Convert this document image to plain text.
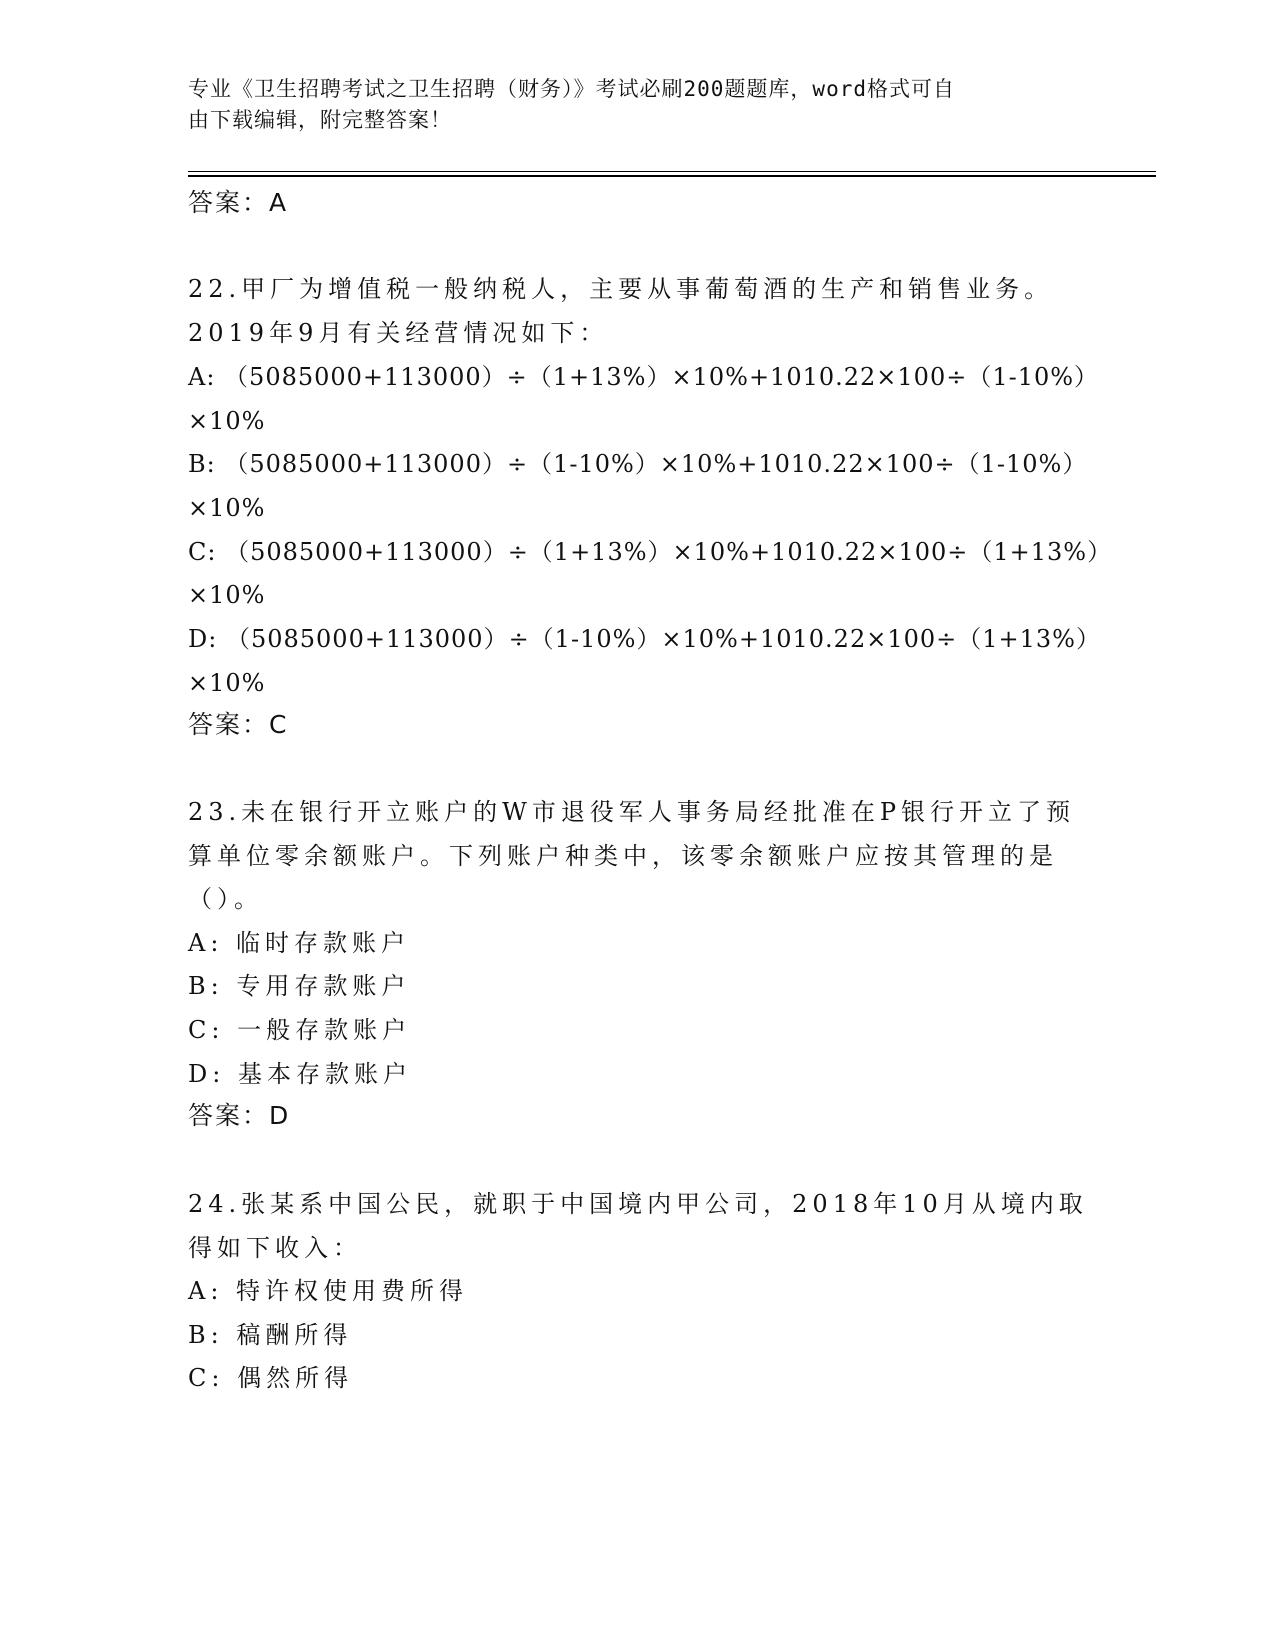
专业《卫生招聘考试之卫生招聘（财务）》考试必刷200题题库，word格式可自
由下载编辑，附完整答案！
答案：A
22.甲厂为增值税一般纳税人，主要从事葡萄酒的生产和销售业务。
2019年9月有关经营情况如下：
A: （5085000+113000）÷（1+13%）×10%+1010.22×100÷（1-10%）
×10%
B: （5085000+113000）÷（1-10%）×10%+1010.22×100÷（1-10%）
×10%
C: （5085000+113000）÷（1+13%）×10%+1010.22×100÷（1+13%）
×10%
D: （5085000+113000）÷（1-10%）×10%+1010.22×100÷（1+13%）
×10%
答案：C
23.未在银行开立账户的W市退役军人事务局经批准在P银行开立了预
算单位零余额账户。下列账户种类中，该零余额账户应按其管理的是
（）。
A: 临时存款账户
B: 专用存款账户
C: 一般存款账户
D: 基本存款账户
答案：D
24.张某系中国公民，就职于中国境内甲公司，2018年10月从境内取
得如下收入：
A: 特许权使用费所得
B: 稿酬所得
C: 偶然所得
